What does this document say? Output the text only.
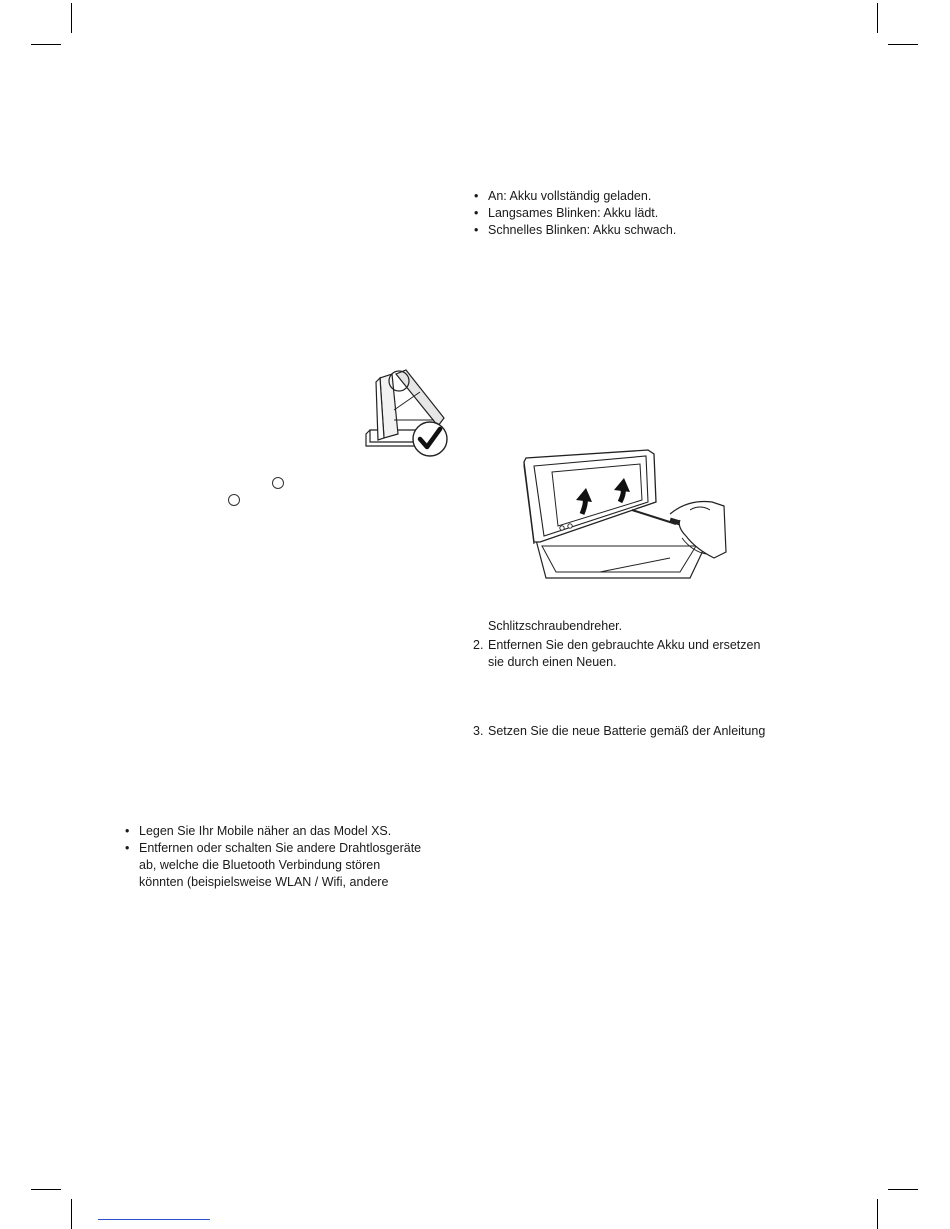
• An: Akku vollständig geladen.
• Langsames Blinken: Akku lädt.
• Schnelles Blinken: Akku schwach.

Schlitzschraubendreher.

2. Entfernen Sie den gebrauchte Akku und ersetzen
sie durch einen Neuen.
3. Setzen Sie die neue Batterie gemäß der Anleitung
• Legen Sie Ihr Mobile näher an das Model XS.
• Entfernen oder schalten Sie andere Drahtlosgeräte
ab, welche die Bluetooth Verbindung stören
könnten (beispielsweise WLAN / Wifi, andere
